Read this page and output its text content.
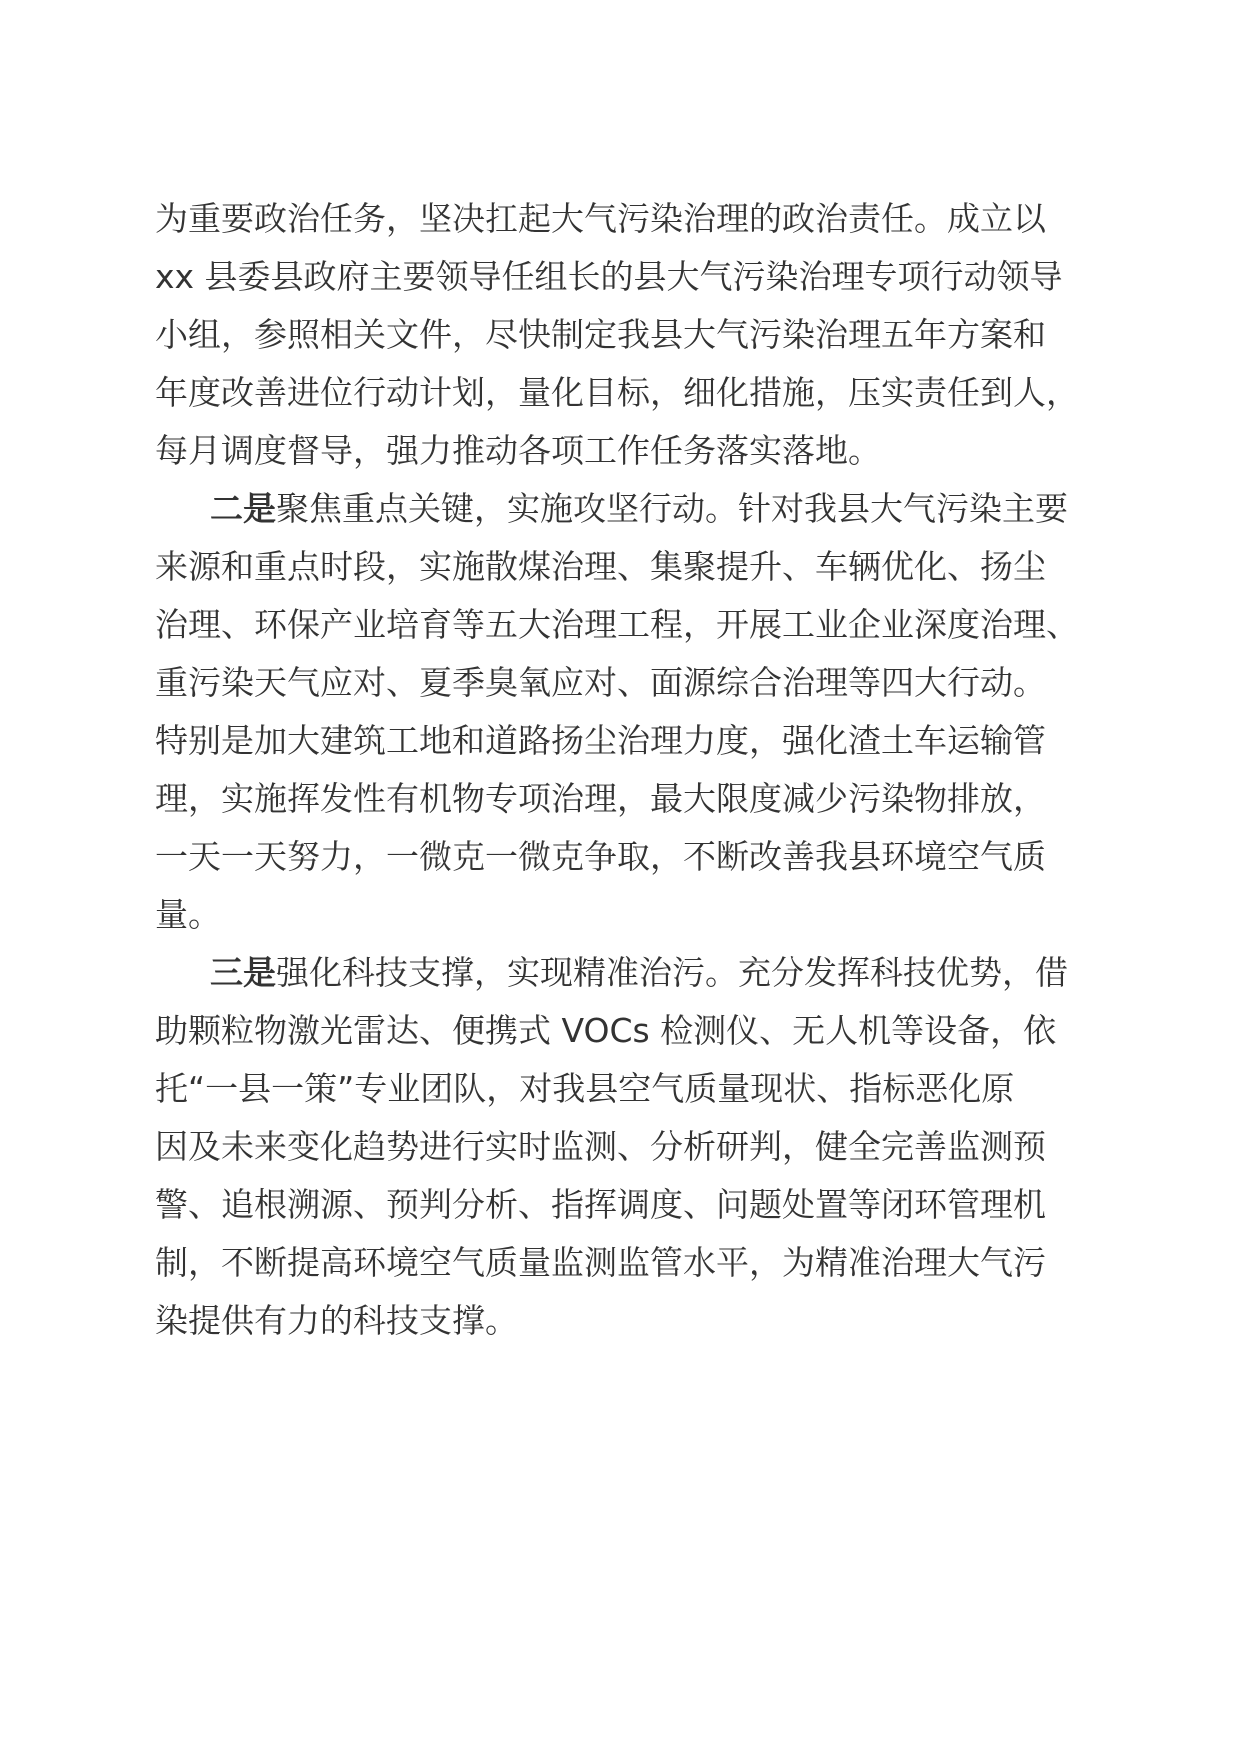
为重要政治任务，坚决扛起大气污染治理的政治责任。成立以

xx 县委县政府主要领导任组长的县大气污染治理专项行动领导

小组，参照相关文件，尽快制定我县大气污染治理五年方案和

年度改善进位行动计划，量化目标，细化措施，压实责任到人，

每月调度督导，强力推动各项工作任务落实落地。

二是聚焦重点关键，实施攻坚行动。针对我县大气污染主要

来源和重点时段，实施散煤治理、集聚提升、车辆优化、扬尘

治理、环保产业培育等五大治理工程，开展工业企业深度治理、

重污染天气应对、夏季臭氧应对、面源综合治理等四大行动。

特别是加大建筑工地和道路扬尘治理力度，强化渣土车运输管

理，实施挥发性有机物专项治理，最大限度减少污染物排放，

一天一天努力，一微克一微克争取，不断改善我县环境空气质

量。

三是强化科技支撑，实现精准治污。充分发挥科技优势，借

助颗粒物激光雷达、便携式 VOCs 检测仪、无人机等设备，依

托“一县一策”专业团队，对我县空气质量现状、指标恶化原

因及未来变化趋势进行实时监测、分析研判，健全完善监测预

警、追根溯源、预判分析、指挥调度、问题处置等闭环管理机

制，不断提高环境空气质量监测监管水平，为精准治理大气污

染提供有力的科技支撑。
